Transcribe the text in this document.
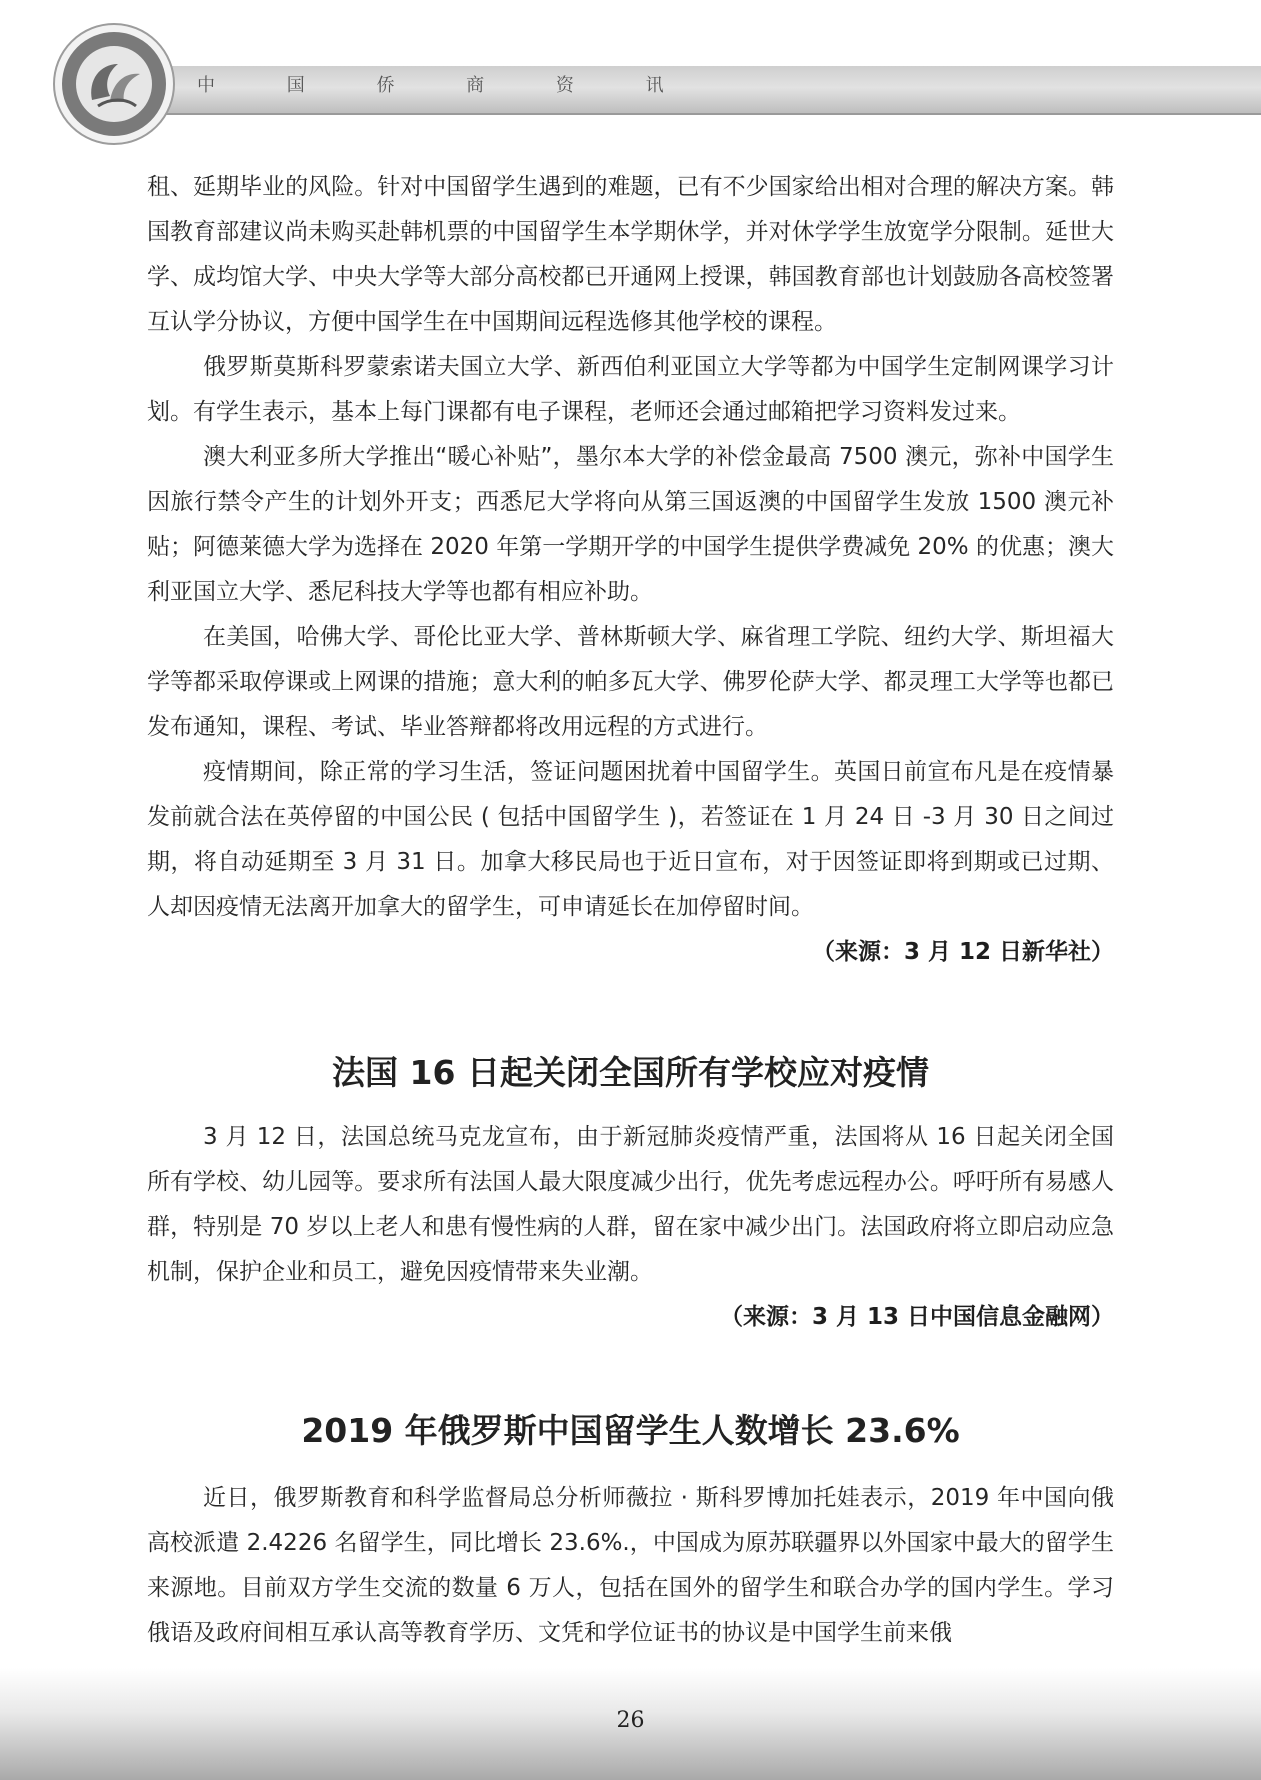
中 国 侨 商 资 讯

租、延期毕业的风险。针对中国留学生遇到的难题，已有不少国家给出相对合理的解决方案。韩国教育部建议尚未购买赴韩机票的中国留学生本学期休学，并对休学学生放宽学分限制。延世大学、成均馆大学、中央大学等大部分高校都已开通网上授课，韩国教育部也计划鼓励各高校签署互认学分协议，方便中国学生在中国期间远程选修其他学校的课程。

俄罗斯莫斯科罗蒙索诺夫国立大学、新西伯利亚国立大学等都为中国学生定制网课学习计划。有学生表示，基本上每门课都有电子课程，老师还会通过邮箱把学习资料发过来。

澳大利亚多所大学推出“暖心补贴”，墨尔本大学的补偿金最高 7500 澳元，弥补中国学生因旅行禁令产生的计划外开支；西悉尼大学将向从第三国返澳的中国留学生发放 1500 澳元补贴；阿德莱德大学为选择在 2020 年第一学期开学的中国学生提供学费减免 20% 的优惠；澳大利亚国立大学、悉尼科技大学等也都有相应补助。

在美国，哈佛大学、哥伦比亚大学、普林斯顿大学、麻省理工学院、纽约大学、斯坦福大学等都采取停课或上网课的措施；意大利的帕多瓦大学、佛罗伦萨大学、都灵理工大学等也都已发布通知，课程、考试、毕业答辩都将改用远程的方式进行。

疫情期间，除正常的学习生活，签证问题困扰着中国留学生。英国日前宣布凡是在疫情暴发前就合法在英停留的中国公民 ( 包括中国留学生 )，若签证在 1 月 24 日 -3 月 30 日之间过期，将自动延期至 3 月 31 日。加拿大移民局也于近日宣布，对于因签证即将到期或已过期、人却因疫情无法离开加拿大的留学生，可申请延长在加停留时间。

（来源：3 月 12 日新华社）

法国 16 日起关闭全国所有学校应对疫情

3 月 12 日，法国总统马克龙宣布，由于新冠肺炎疫情严重，法国将从 16 日起关闭全国所有学校、幼儿园等。要求所有法国人最大限度减少出行，优先考虑远程办公。呼吁所有易感人群，特别是 70 岁以上老人和患有慢性病的人群，留在家中减少出门。法国政府将立即启动应急机制，保护企业和员工，避免因疫情带来失业潮。

（来源：3 月 13 日中国信息金融网）

2019 年俄罗斯中国留学生人数增长 23.6%

近日，俄罗斯教育和科学监督局总分析师薇拉 · 斯科罗博加托娃表示，2019 年中国向俄高校派遣 2.4226 名留学生，同比增长 23.6%.，中国成为原苏联疆界以外国家中最大的留学生来源地。目前双方学生交流的数量 6 万人，包括在国外的留学生和联合办学的国内学生。学习俄语及政府间相互承认高等教育学历、文凭和学位证书的协议是中国学生前来俄

26
